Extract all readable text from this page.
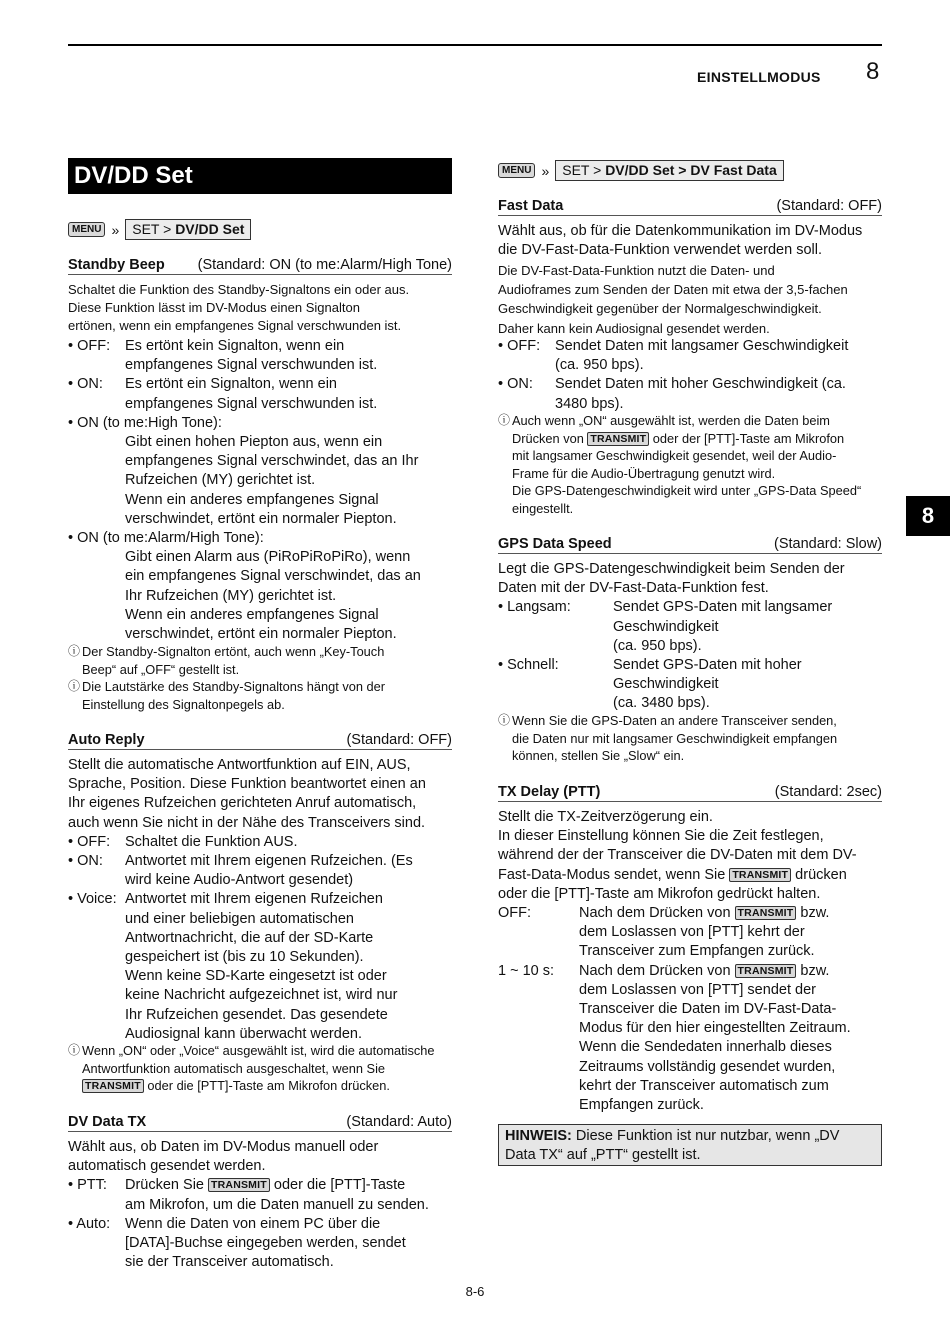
EINSTELLMODUS 8
8
DV/DD Set
MENU » SET > DV/DD Set
Standby Beep (Standard: ON (to me:Alarm/High Tone)
Schaltet die Funktion des Standby-Signaltons ein oder aus.
Diese Funktion lässt im DV-Modus einen Signalton
ertönen, wenn ein empfangenes Signal verschwunden ist.
• OFF:	Es ertönt kein Signalton, wenn ein
empfangenes Signal verschwunden ist.
• ON:	Es ertönt ein Signalton, wenn ein
empfangenes Signal verschwunden ist.
• ON (to me:High Tone):
Gibt einen hohen Piepton aus, wenn ein
empfangenes Signal verschwindet, das an Ihr
Rufzeichen (MY) gerichtet ist.
Wenn ein anderes empfangenes Signal
verschwindet, ertönt ein normaler Piepton.
• ON (to me:Alarm/High Tone):
Gibt einen Alarm aus (PiRoPiRoPiRo), wenn
ein empfangenes Signal verschwindet, das an
Ihr Rufzeichen (MY) gerichtet ist.
Wenn ein anderes empfangenes Signal
verschwindet, ertönt ein normaler Piepton.
ⓘ Der Standby-Signalton ertönt, auch wenn „Key-Touch
Beep“ auf „OFF“ gestellt ist.
ⓘ Die Lautstärke des Standby-Signaltons hängt von der
Einstellung des Signaltonpegels ab.
Auto Reply	(Standard: OFF)
Stellt die automatische Antwortfunktion auf EIN, AUS,
Sprache, Position. Diese Funktion beantwortet einen an
Ihr eigenes Rufzeichen gerichteten Anruf automatisch,
auch wenn Sie nicht in der Nähe des Transceivers sind.
• OFF:	Schaltet die Funktion AUS.
• ON:	Antwortet mit Ihrem eigenen Rufzeichen. (Es
wird keine Audio-Antwort gesendet)
• Voice: Antwortet mit Ihrem eigenen Rufzeichen
und einer beliebigen automatischen
Antwortnachricht, die auf der SD-Karte
gespeichert ist (bis zu 10 Sekunden).
Wenn keine SD-Karte eingesetzt ist oder
keine Nachricht aufgezeichnet ist, wird nur
Ihr Rufzeichen gesendet. Das gesendete
Audiosignal kann überwacht werden.
ⓘ Wenn „ON“ oder „Voice“ ausgewählt ist, wird die automatische
Antwortfunktion automatisch ausgeschaltet, wenn Sie
TRANSMIT oder die [PTT]-Taste am Mikrofon drücken.
DV Data TX	(Standard: Auto)
Wählt aus, ob Daten im DV-Modus manuell oder
automatisch gesendet werden.
• PTT:	Drücken Sie TRANSMIT oder die [PTT]-Taste
am Mikrofon, um die Daten manuell zu senden.
• Auto:	Wenn die Daten von einem PC über die
[DATA]-Buchse eingegeben werden, sendet
sie der Transceiver automatisch.
MENU » SET > DV/DD Set > DV Fast Data
Fast Data	(Standard: OFF)
Wählt aus, ob für die Datenkommunikation im DV-Modus
die DV-Fast-Data-Funktion verwendet werden soll.
Die DV-Fast-Data-Funktion nutzt die Daten- und
Audioframes zum Senden der Daten mit etwa der 3,5-fachen
Geschwindigkeit gegenüber der Normalgeschwindigkeit.
Daher kann kein Audiosignal gesendet werden.
• OFF:	Sendet Daten mit langsamer Geschwindigkeit
(ca. 950 bps).
• ON:	Sendet Daten mit hoher Geschwindigkeit (ca.
3480 bps).
ⓘ Auch wenn „ON“ ausgewählt ist, werden die Daten beim
Drücken von TRANSMIT oder der [PTT]-Taste am Mikrofon
mit langsamer Geschwindigkeit gesendet, weil der Audio-
Frame für die Audio-Übertragung genutzt wird.
Die GPS-Datengeschwindigkeit wird unter „GPS-Data Speed“
eingestellt.
GPS Data Speed	(Standard: Slow)
Legt die GPS-Datengeschwindigkeit beim Senden der
Daten mit der DV-Fast-Data-Funktion fest.
• Langsam:	Sendet GPS-Daten mit langsamer
Geschwindigkeit
(ca. 950 bps).
• Schnell:	Sendet GPS-Daten mit hoher
Geschwindigkeit
(ca. 3480 bps).
ⓘ Wenn Sie die GPS-Daten an andere Transceiver senden,
die Daten nur mit langsamer Geschwindigkeit empfangen
können, stellen Sie „Slow“ ein.
TX Delay (PTT)	(Standard: 2sec)
Stellt die TX-Zeitverzögerung ein.
In dieser Einstellung können Sie die Zeit festlegen,
während der der Transceiver die DV-Daten mit dem DV-
Fast-Data-Modus sendet, wenn Sie TRANSMIT drücken
oder die [PTT]-Taste am Mikrofon gedrückt halten.
OFF:	Nach dem Drücken von TRANSMIT bzw.
dem Loslassen von [PTT] kehrt der
Transceiver zum Empfangen zurück.
1 ~ 10 s:	Nach dem Drücken von TRANSMIT bzw.
dem Loslassen von [PTT] sendet der
Transceiver die Daten im DV-Fast-Data-
Modus für den hier eingestellten Zeitraum.
Wenn die Sendedaten innerhalb dieses
Zeitraums vollständig gesendet wurden,
kehrt der Transceiver automatisch zum
Empfangen zurück.
HINWEIS: Diese Funktion ist nur nutzbar, wenn „DV
Data TX“ auf „PTT“ gestellt ist.
8-6
